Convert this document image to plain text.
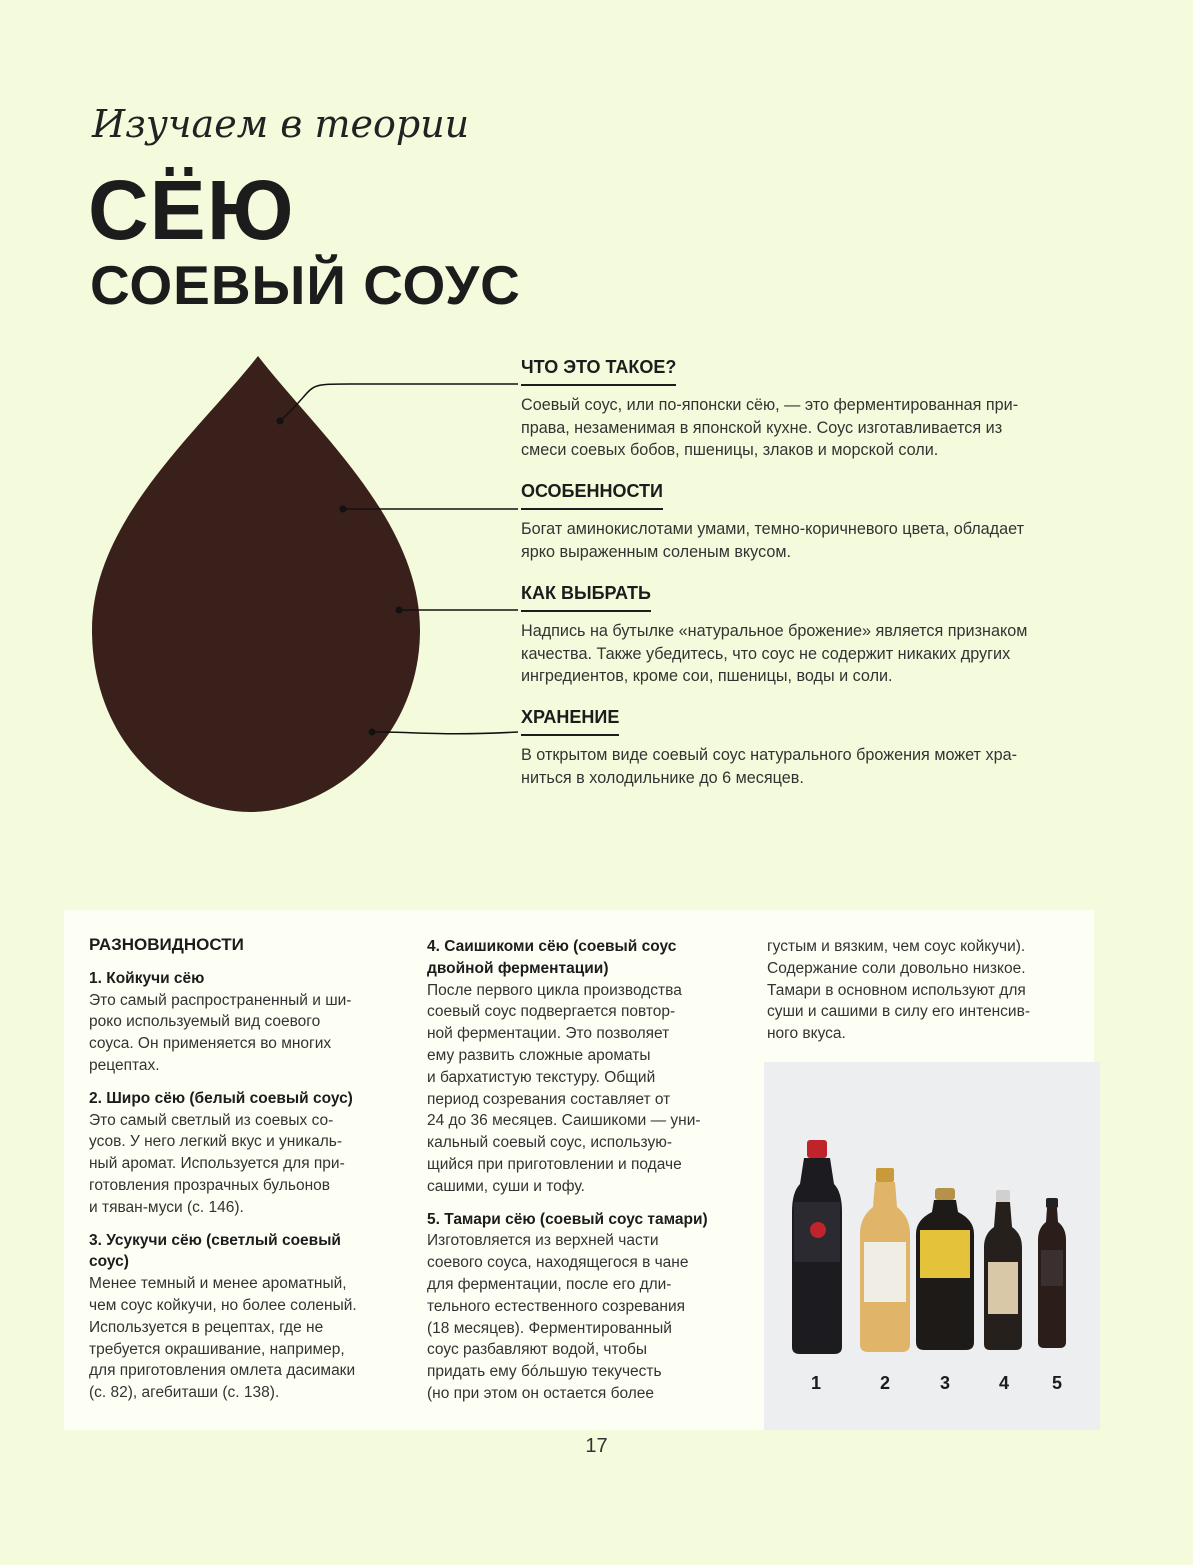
Изучаем в теории
СЁЮ
СОЕВЫЙ СОУС
ЧТО ЭТО ТАКОЕ?
Соевый соус, или по-японски сёю, — это ферментированная при-
права, незаменимая в японской кухне. Соус изготавливается из
смеси соевых бобов, пшеницы, злаков и морской соли.
ОСОБЕННОСТИ
Богат аминокислотами умами, темно-коричневого цвета, обладает
ярко выраженным соленым вкусом.
КАК ВЫБРАТЬ
Надпись на бутылке «натуральное брожение» является признаком
качества. Также убедитесь, что соус не содержит никаких других
ингредиентов, кроме сои, пшеницы, воды и соли.
ХРАНЕНИЕ
В открытом виде соевый соус натурального брожения может хра-
ниться в холодильнике до 6 месяцев.

РАЗНОВИДНОСТИ

1. Койкучи сёю

Это самый распространенный и ши-

роко используемый вид соевого

соуса. Он применяется во многих

рецептах.

2. Широ сёю (белый соевый соус)

Это самый светлый из соевых со-

усов. У него легкий вкус и уникаль-

ный аромат. Используется для при-

готовления прозрачных бульонов

и тяван-муси (с. 146).

3. Усукучи сёю (светлый соевый

соус)

Менее темный и менее ароматный,

чем соус койкучи, но более соленый.

Используется в рецептах, где не

требуется окрашивание, например,

для приготовления омлета дасимаки

(с. 82), агебиташи (с. 138).

4. Саишикоми сёю (соевый соус

двойной ферментации)

После первого цикла производства

соевый соус подвергается повтор-

ной ферментации. Это позволяет

ему развить сложные ароматы

и бархатистую текстуру. Общий

период созревания составляет от

24 до 36 месяцев. Саишикоми — уни-

кальный соевый соус, использую-

щийся при приготовлении и подаче

сашими, суши и тофу.

5. Тамари сёю (соевый соус тамари)

Изготовляется из верхней части

соевого соуса, находящегося в чане

для ферментации, после его дли-

тельного естественного созревания

(18 месяцев). Ферментированный

соус разбавляют водой, чтобы

придать ему бóльшую текучесть

(но при этом он остается более

густым и вязким, чем соус койкучи).

Содержание соли довольно низкое.

Тамари в основном используют для

суши и сашими в силу его интенсив-

ного вкуса.

1	2	3	4 5
17
